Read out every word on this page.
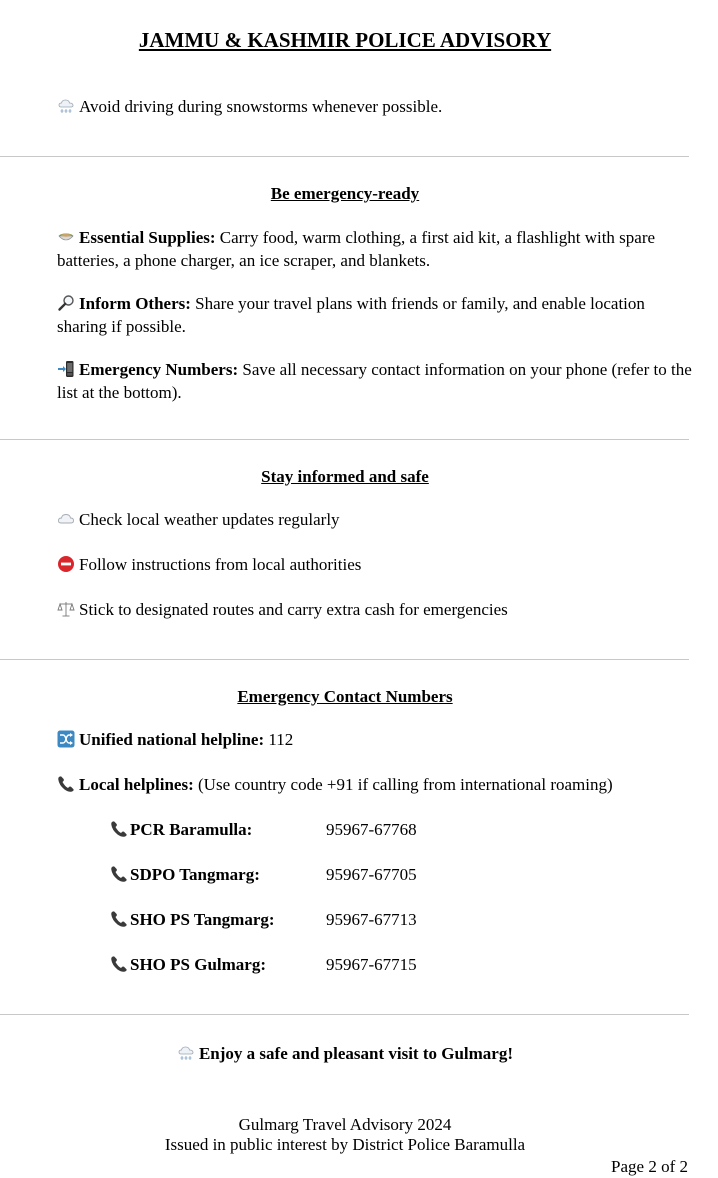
JAMMU & KASHMIR POLICE ADVISORY
Avoid driving during snowstorms whenever possible.
Be emergency-ready
Essential Supplies: Carry food, warm clothing, a first aid kit, a flashlight with spare batteries, a phone charger, an ice scraper, and blankets.
Inform Others: Share your travel plans with friends or family, and enable location sharing if possible.
Emergency Numbers: Save all necessary contact information on your phone (refer to the list at the bottom).
Stay informed and safe
Check local weather updates regularly
Follow instructions from local authorities
Stick to designated routes and carry extra cash for emergencies
Emergency Contact Numbers
Unified national helpline: 112
Local helplines: (Use country code +91 if calling from international roaming)
PCR Baramulla:	95967-67768
SDPO Tangmarg:	95967-67705
SHO PS Tangmarg:	95967-67713
SHO PS Gulmarg:	95967-67715
Enjoy a safe and pleasant visit to Gulmarg!
Gulmarg Travel Advisory 2024
Issued in public interest by District Police Baramulla
Page 2 of 2
